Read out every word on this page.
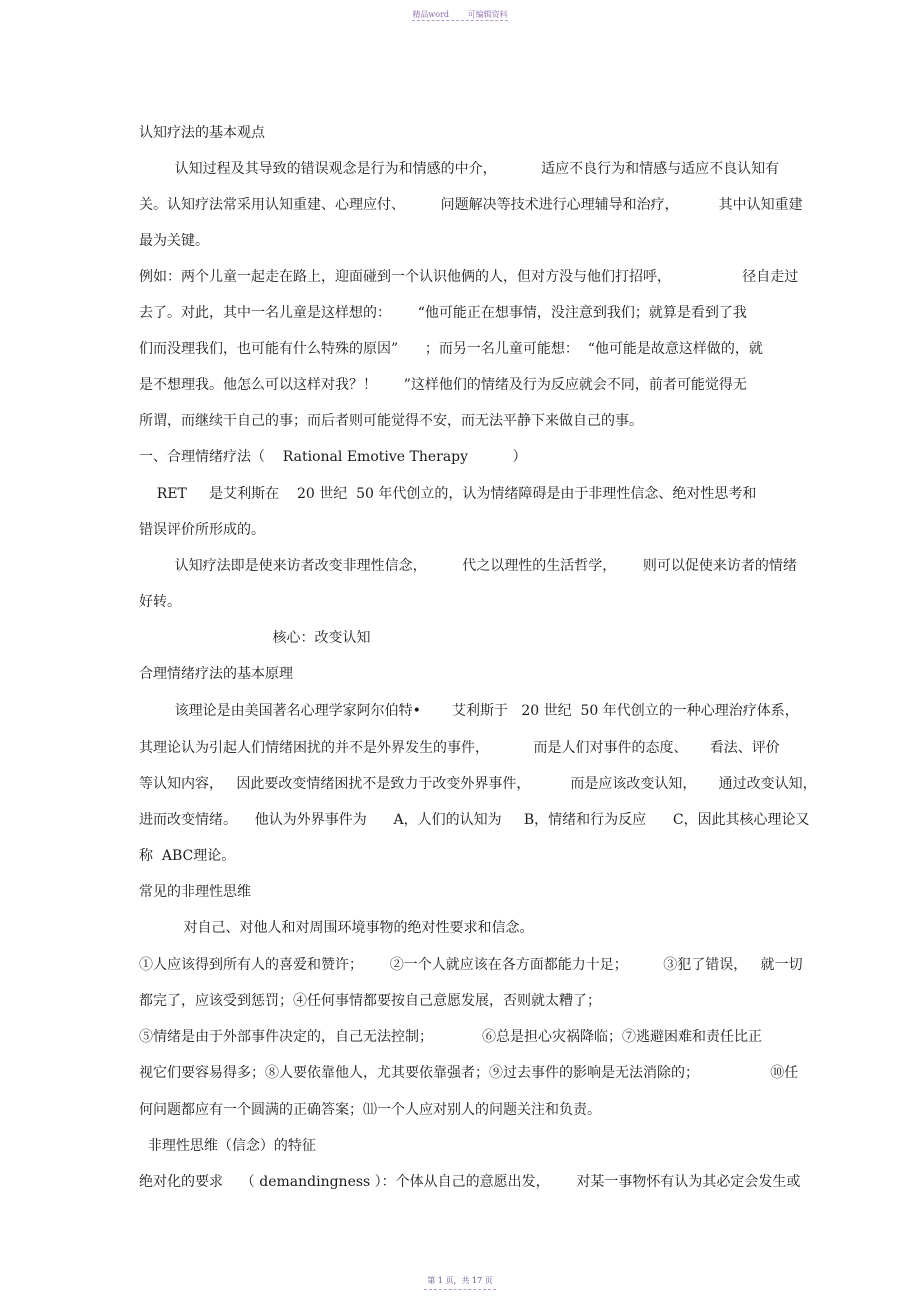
精品word 可编辑资料
认知疗法的基本观点
认知过程及其导致的错误观念是行为和情感的中介，          适应不良行为和情感与适应不良认知有
关。认知疗法常采用认知重建、心理应付、        问题解决等技术进行心理辅导和治疗，         其中认知重建
最为关键。
例如：两个儿童一起走在路上，迎面碰到一个认识他俩的人，但对方没与他们打招呼，                径自走过
去了。对此，其中一名儿童是这样想的：      “他可能正在想事情，没注意到我们；就算是看到了我
们而没理我们，也可能有什么特殊的原因”      ；而另一名儿童可能想：  “他可能是故意这样做的，就
是不想理我。他怎么可以这样对我？！      ”这样他们的情绪及行为反应就会不同，前者可能觉得无
所谓，而继续干自己的事；而后者则可能觉得不安，而无法平静下来做自己的事。
一、合理情绪疗法（    Rational Emotive Therapy          ）
RET     是艾利斯在    20 世纪  50 年代创立的，认为情绪障碍是由于非理性信念、绝对性思考和
错误评价所形成的。
认知疗法即是使来访者改变非理性信念，        代之以理性的生活哲学，      则可以促使来访者的情绪
好转。
核心：改变认知
合理情绪疗法的基本原理
该理论是由美国著名心理学家阿尔伯特•       艾利斯于   20 世纪  50 年代创立的一种心理治疗体系，
其理论认为引起人们情绪困扰的并不是外界发生的事件，          而是人们对事件的态度、     看法、评价
等认知内容，   因此要改变情绪困扰不是致力于改变外界事件，         而是应该改变认知，     通过改变认知，
进而改变情绪。    他认为外界事件为      A，人们的认知为     B，情绪和行为反应      C，因此其核心理论又
称  ABC理论。
常见的非理性思维
对自己、对他人和对周围环境事物的绝对性要求和信念。
①人应该得到所有人的喜爱和赞许；      ②一个人就应该在各方面都能力十足；        ③犯了错误，   就一切
都完了，应该受到惩罚；④任何事情都要按自己意愿发展，否则就太糟了；
⑤情绪是由于外部事件决定的，自己无法控制；           ⑥总是担心灾祸降临；⑦逃避困难和责任比正
视它们要容易得多；⑧人要依靠他人，尤其要依靠强者；⑨过去事件的影响是无法消除的；                ⑩任
何问题都应有一个圆满的正确答案；⑾一个人应对别人的问题关注和负责。
非理性思维（信念）的特征
绝对化的要求    （ demandingness ）：个体从自己的意愿出发，      对某一事物怀有认为其必定会发生或
第 1 页，共 17 页
